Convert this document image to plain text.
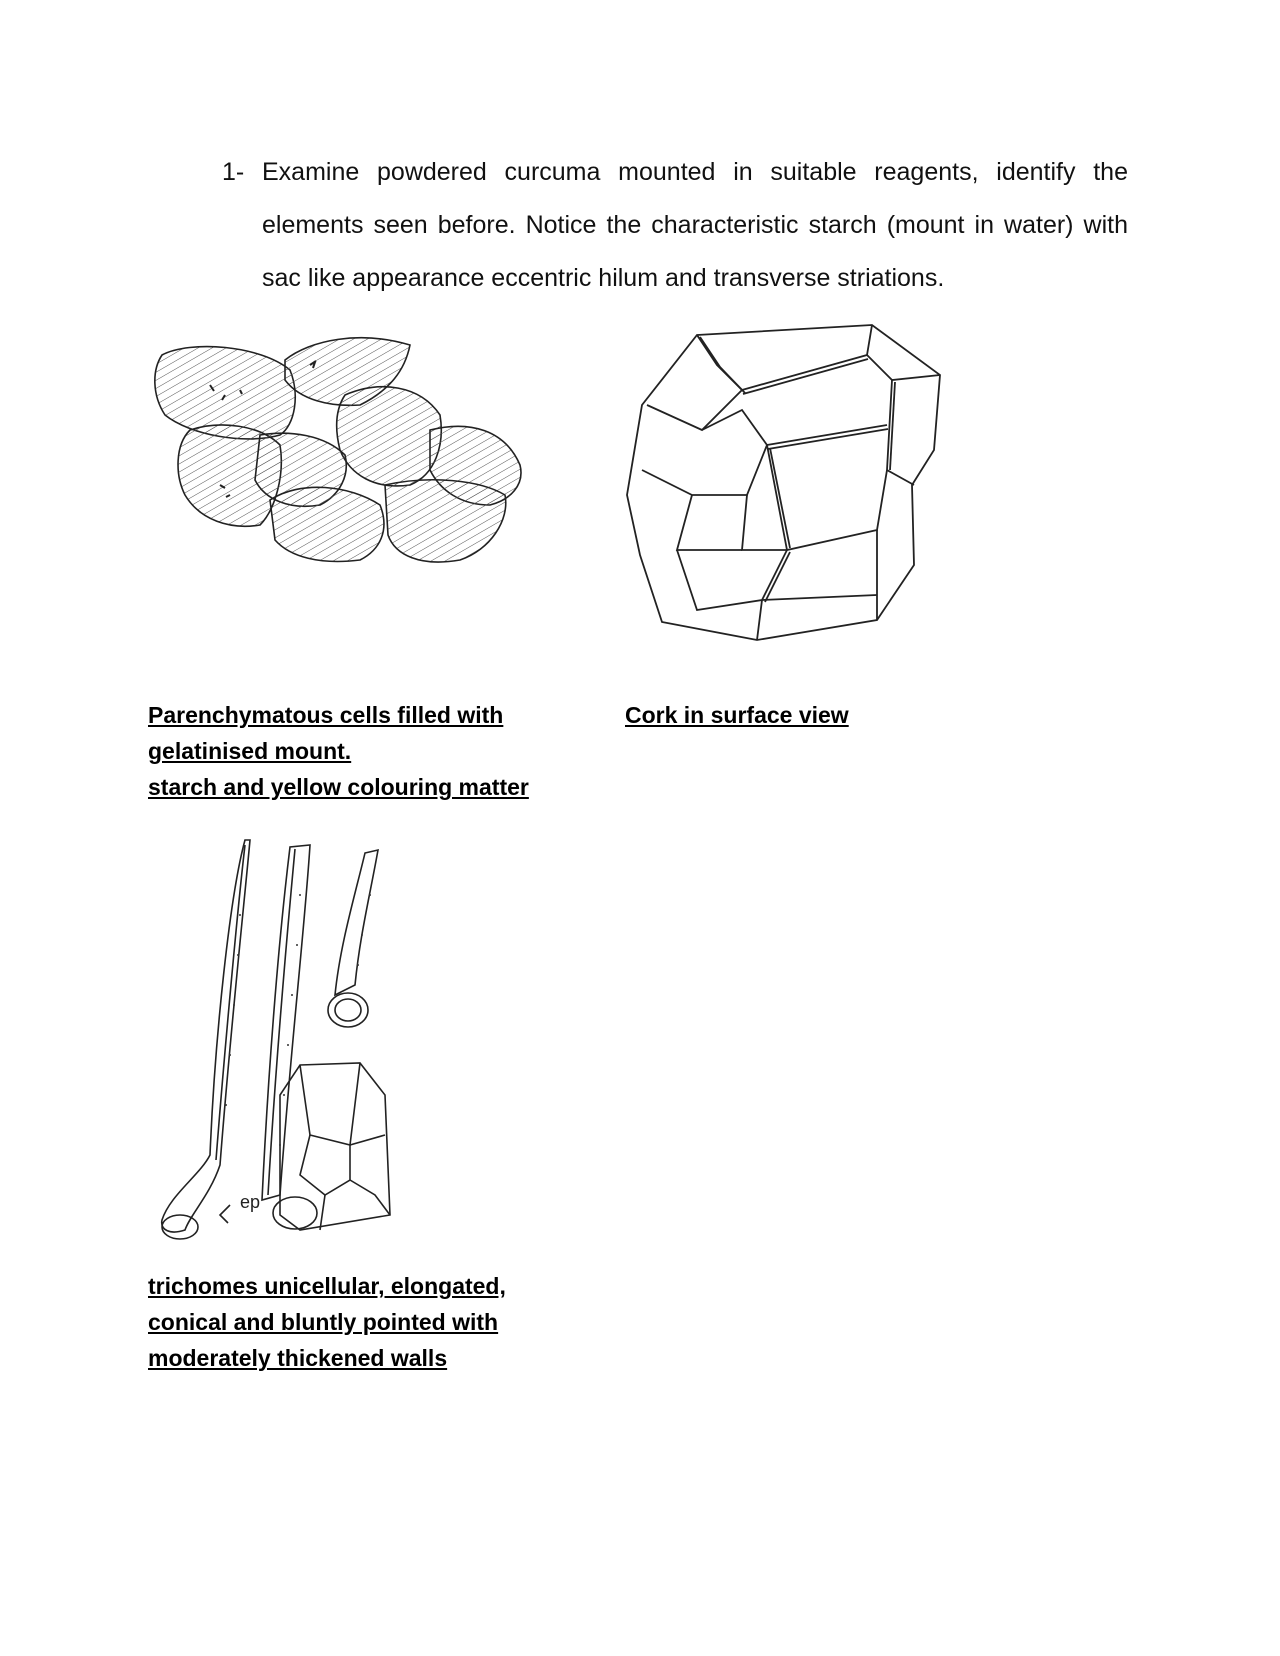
1- Examine powdered curcuma mounted in suitable reagents, identify the elements seen before. Notice the characteristic starch (mount in water) with sac like appearance eccentric hilum and transverse striations.
Parenchymatous cells filled with
gelatinised mount.
starch and yellow colouring matter
Cork in surface view
ep
trichomes unicellular, elongated,
conical and bluntly pointed with
moderately thickened walls
